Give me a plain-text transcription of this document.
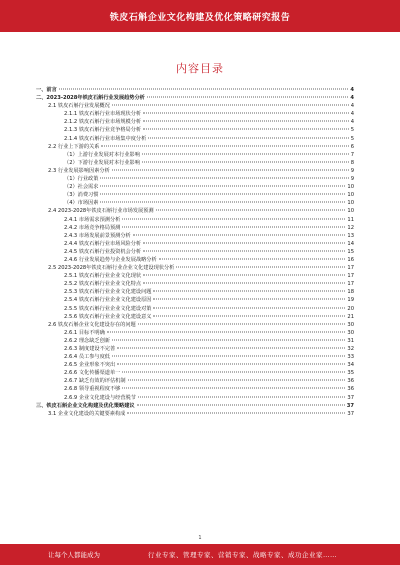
铁皮石斛企业文化构建及优化策略研究报告
内容目录
一、前言	4
二、2023-2028年铁皮石斛行业发展趋势分析	4
2.1 铁皮石斛行业发展概况	4
2.1.1 铁皮石斛行业市场现状分析	4
2.1.2 铁皮石斛行业市场规模分析	4
2.1.3 铁皮石斛行业竞争格局分析	5
2.1.4 铁皮石斛行业市场集中度分析	5
2.2 行业上下游的关系	6
（1）上游行业发展对本行业影响	7
（2）下游行业发展对本行业影响	8
2.3 行业发展影响因素分析	9
（1）行业政策	9
（2）社会需求	10
（3）消费习惯	10
（4）市场因素	10
2.4 2023-2028年铁皮石斛行业市场发展预测	10
2.4.1 市场需求预测分析	11
2.4.2 市场竞争格局预测	12
2.4.3 市场发展前景预测分析	13
2.4.4 铁皮石斛行业市场风险分析	14
2.4.5 铁皮石斛行业投资机会分析	15
2.4.6 行业发展趋势与企业发展战略分析	16
2.5 2023-2028年铁皮石斛行业企业文化建设现状分析	17
2.5.1 铁皮石斛行业企业文化现状	17
2.5.2 铁皮石斛行业企业文化特点	17
2.5.3 铁皮石斛行业企业文化建设问题	18
2.5.4 铁皮石斛行业企业文化建设原因	19
2.5.5 铁皮石斛行业企业文化建设对策	20
2.5.6 铁皮石斛行业企业文化建设意义	21
2.6 铁皮石斛企业文化建设存在的问题	30
2.6.1 目标不明确	30
2.6.2 理念缺乏创新	31
2.6.3 制度建设不完善	32
2.6.4 员工参与度低	33
2.6.5 企业形象不突出	34
2.6.6 文化传播渠道单一	35
2.6.7 缺乏有效的评估机制	36
2.6.8 领导重视程度不够	36
2.6.9 企业文化建设与经营脱节	37
三、铁皮石斛企业文化构建及优化策略建议	37
3.1 企业文化建设的关键要素构成	37
1
让每个人都能成为	行业专家、管理专家、营销专家、战略专家、成功企业家……
